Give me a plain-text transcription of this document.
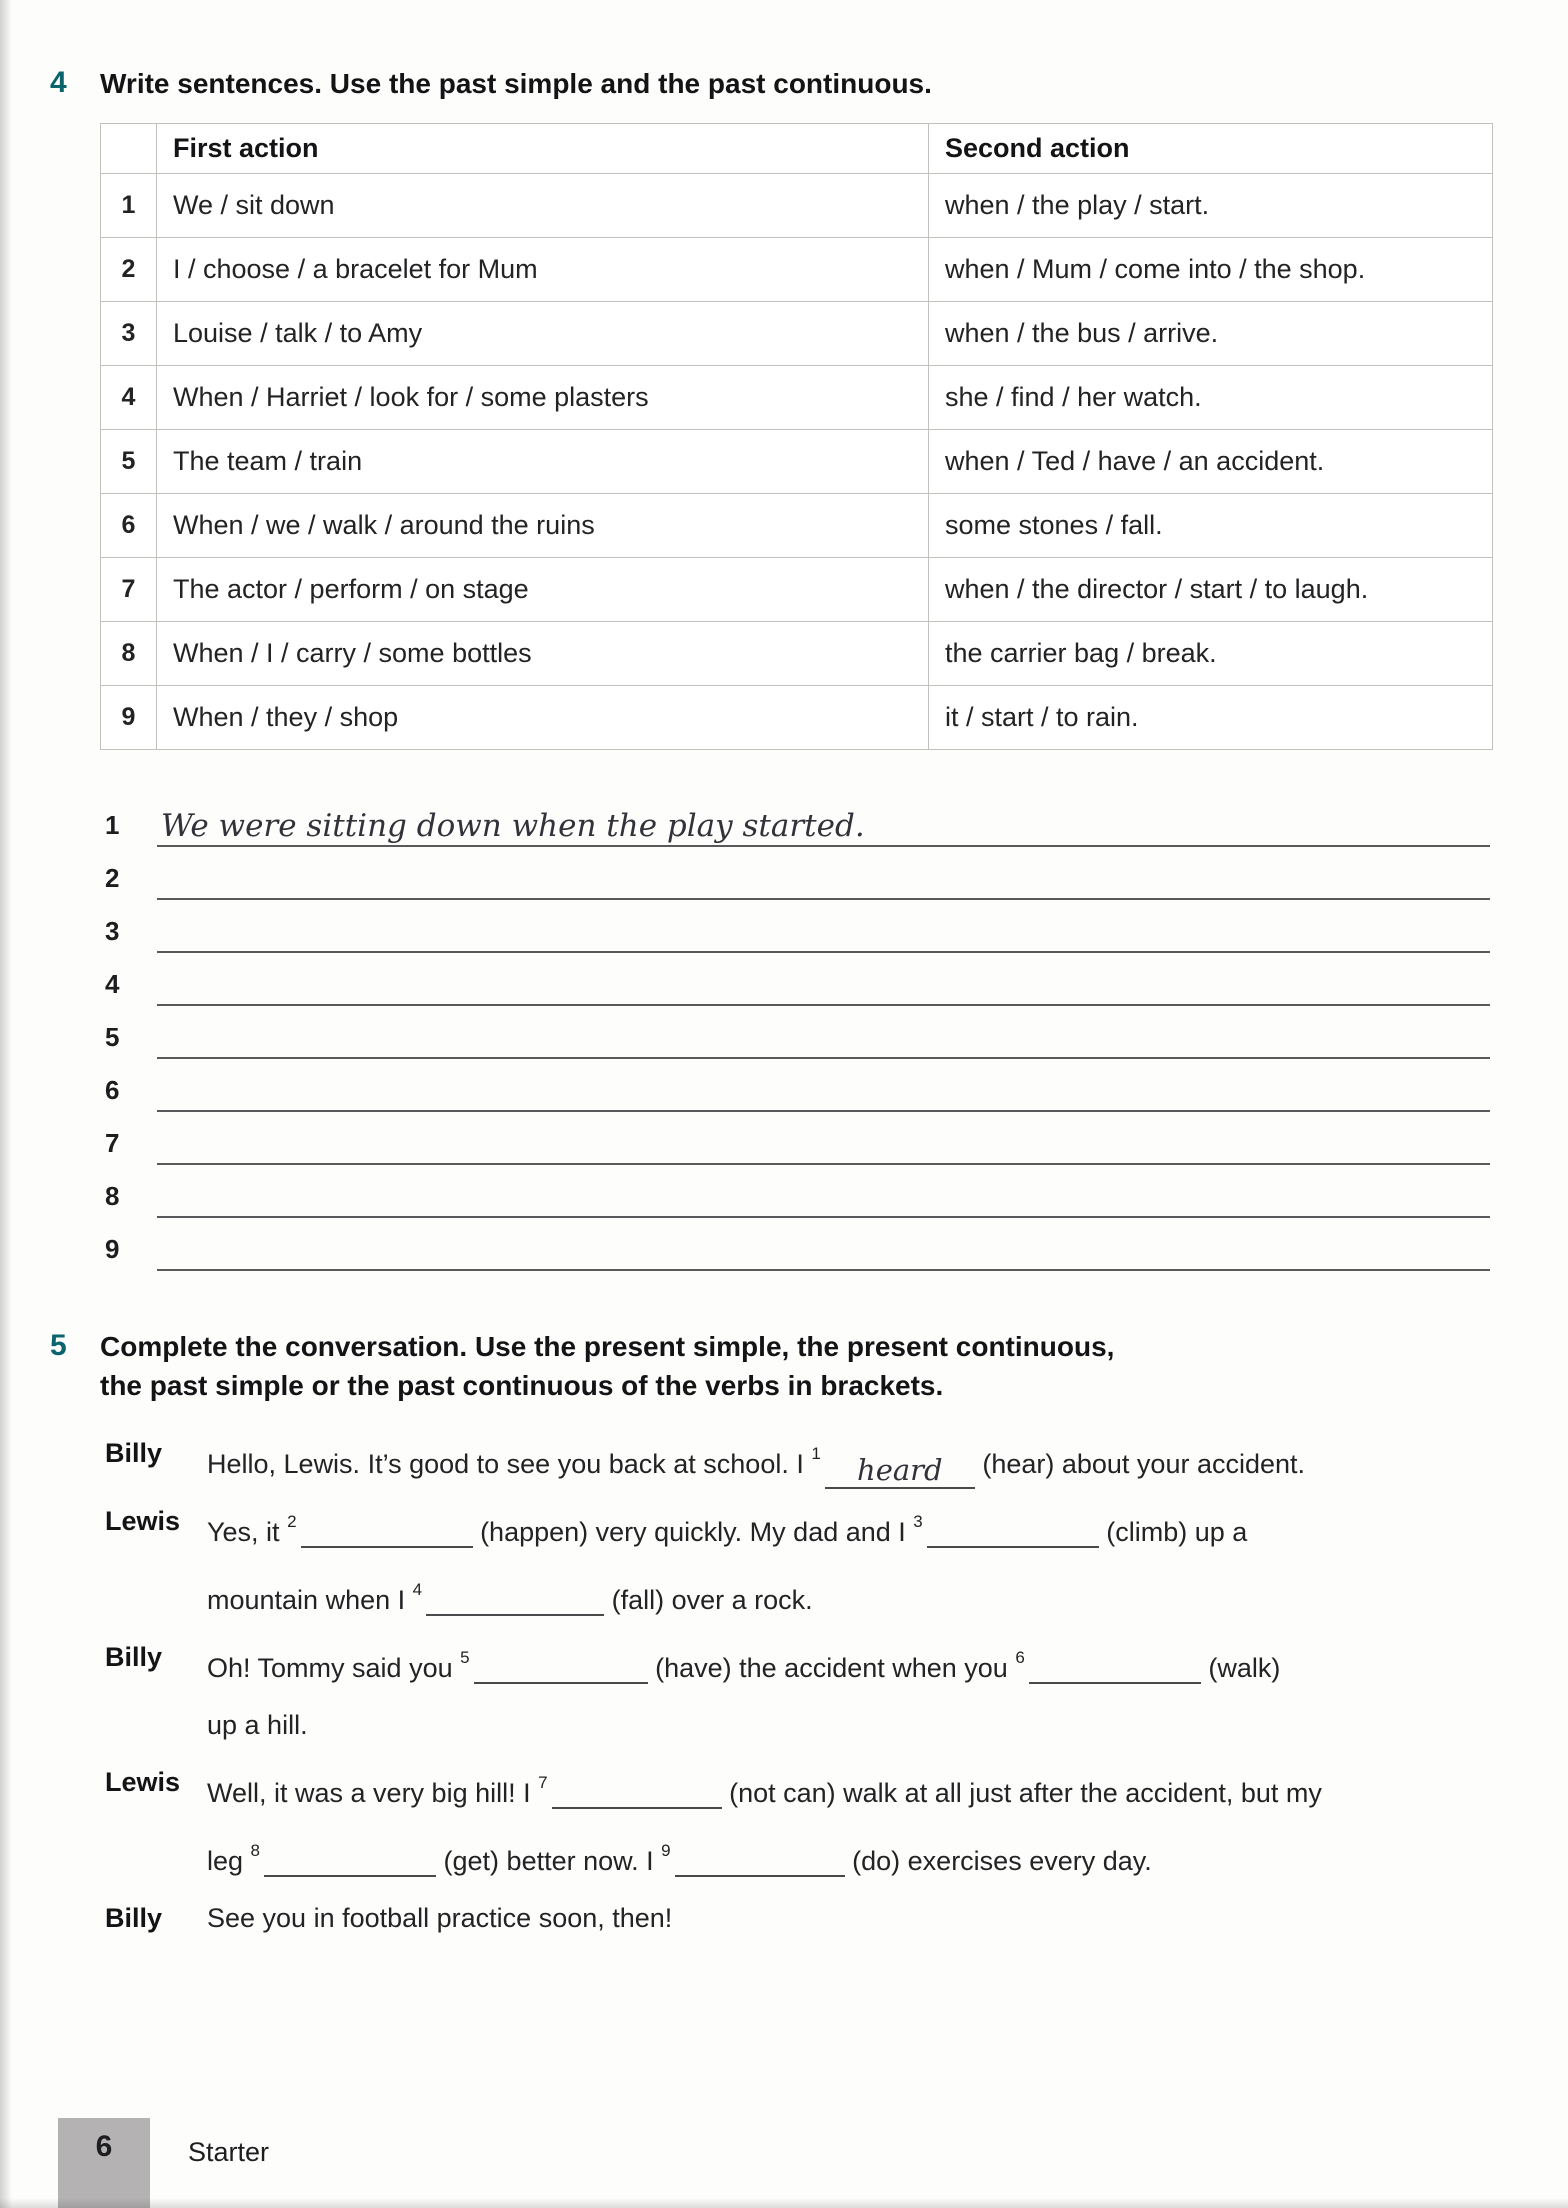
4	Write sentences. Use the past simple and the past continuous.
	First action	Second action
1	We / sit down	when / the play / start.
2	I / choose / a bracelet for Mum	when / Mum / come into / the shop.
3	Louise / talk / to Amy	when / the bus / arrive.
4	When / Harriet / look for / some plasters	she / find / her watch.
5	The team / train	when / Ted / have / an accident.
6	When / we / walk / around the ruins	some stones / fall.
7	The actor / perform / on stage	when / the director / start / to laugh.
8	When / I / carry / some bottles	the carrier bag / break.
9	When / they / shop	it / start / to rain.
1	We were sitting down when the play started.
2
3
4
5
6
7
8
9
5	Complete the conversation. Use the present simple, the present continuous,
the past simple or the past continuous of the verbs in brackets.
Billy	Hello, Lewis. It’s good to see you back at school. I $^1$ heard (hear) about your accident.
Lewis Yes, it $^2$	(happen) very quickly. My dad and I $^3$	(climb) up a
mountain when I $^4$	(fall) over a rock.
Billy	Oh! Tommy said you $^5$	(have) the accident when you $^6$	(walk)
up a hill.
Lewis Well, it was a very big hill! I $^7$	(not can) walk at all just after the accident, but my
leg $^8$	(get) better now. I $^9$	(do) exercises every day.
Billy	See you in football practice soon, then!
6	Starter
